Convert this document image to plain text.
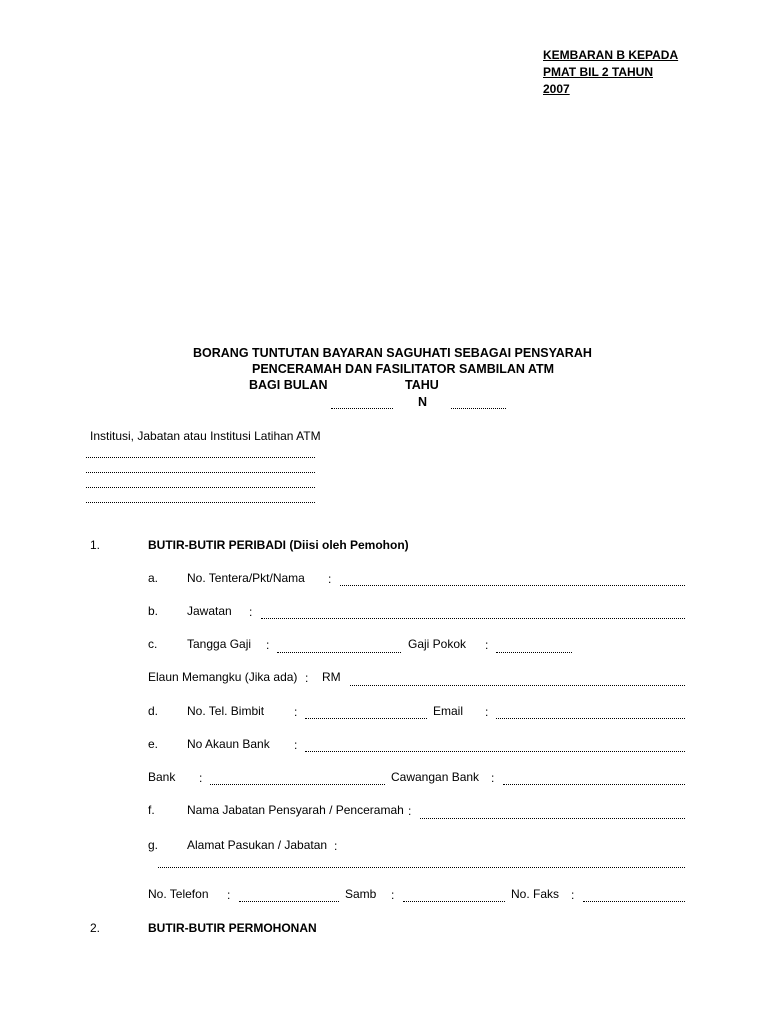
KEMBARAN B KEPADA
PMAT BIL 2 TAHUN
2007
BORANG TUNTUTAN BAYARAN SAGUHATI SEBAGAI PENSYARAH
PENCERAMAH DAN FASILITATOR SAMBILAN ATM
BAGI BULAN	TAHU
N
Institusi, Jabatan atau Institusi Latihan ATM
1.	BUTIR-BUTIR PERIBADI (Diisi oleh Pemohon)
a. No. Tentera/Pkt/Nama :
b. Jawatan :
c. Tangga Gaji :	Gaji Pokok :
Elaun Memangku (Jika ada) : RM
d. No. Tel. Bimbit :	Email :
e. No Akaun Bank :
Bank :	Cawangan Bank :
f.	Nama Jabatan Pensyarah / Penceramah :
g. Alamat Pasukan / Jabatan :
No. Telefon :	Samb :	No. Faks :
2.	BUTIR-BUTIR PERMOHONAN
